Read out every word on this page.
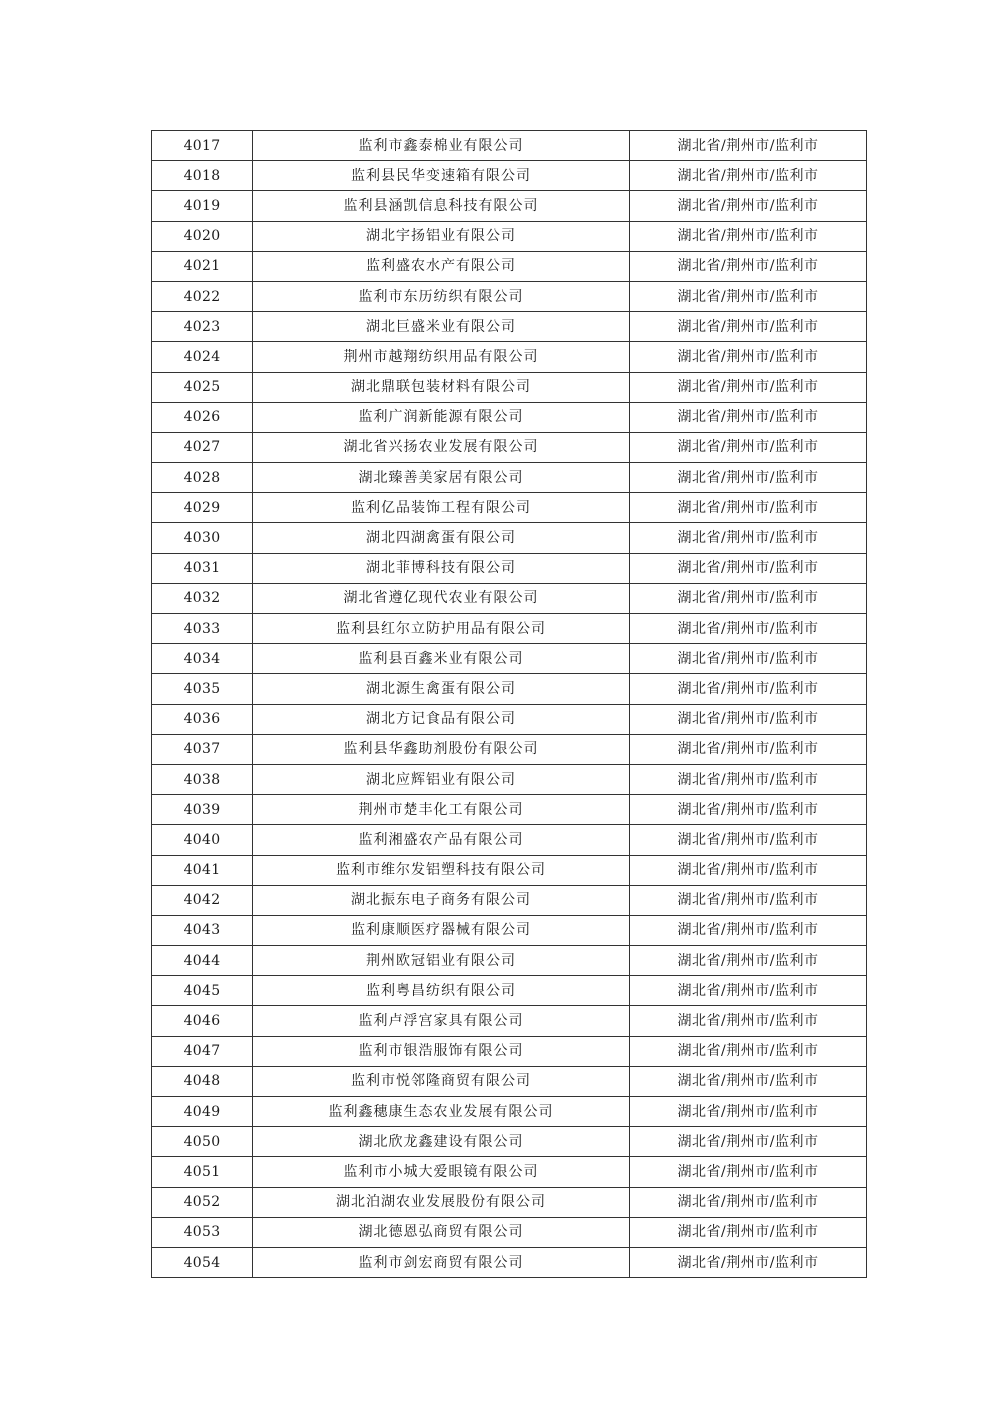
4017	监利市鑫泰棉业有限公司	湖北省/荆州市/监利市
4018	监利县民华变速箱有限公司	湖北省/荆州市/监利市
4019	监利县涵凯信息科技有限公司	湖北省/荆州市/监利市
4020	湖北宇扬铝业有限公司	湖北省/荆州市/监利市
4021	监利盛农水产有限公司	湖北省/荆州市/监利市
4022	监利市东历纺织有限公司	湖北省/荆州市/监利市
4023	湖北巨盛米业有限公司	湖北省/荆州市/监利市
4024	荆州市越翔纺织用品有限公司	湖北省/荆州市/监利市
4025	湖北鼎联包装材料有限公司	湖北省/荆州市/监利市
4026	监利广润新能源有限公司	湖北省/荆州市/监利市
4027	湖北省兴扬农业发展有限公司	湖北省/荆州市/监利市
4028	湖北臻善美家居有限公司	湖北省/荆州市/监利市
4029	监利亿品装饰工程有限公司	湖北省/荆州市/监利市
4030	湖北四湖禽蛋有限公司	湖北省/荆州市/监利市
4031	湖北菲博科技有限公司	湖北省/荆州市/监利市
4032	湖北省遵亿现代农业有限公司	湖北省/荆州市/监利市
4033	监利县红尔立防护用品有限公司	湖北省/荆州市/监利市
4034	监利县百鑫米业有限公司	湖北省/荆州市/监利市
4035	湖北源生禽蛋有限公司	湖北省/荆州市/监利市
4036	湖北方记食品有限公司	湖北省/荆州市/监利市
4037	监利县华鑫助剂股份有限公司	湖北省/荆州市/监利市
4038	湖北应辉铝业有限公司	湖北省/荆州市/监利市
4039	荆州市楚丰化工有限公司	湖北省/荆州市/监利市
4040	监利湘盛农产品有限公司	湖北省/荆州市/监利市
4041	监利市维尔发铝塑科技有限公司	湖北省/荆州市/监利市
4042	湖北振东电子商务有限公司	湖北省/荆州市/监利市
4043	监利康顺医疗器械有限公司	湖北省/荆州市/监利市
4044	荆州欧冠铝业有限公司	湖北省/荆州市/监利市
4045	监利粤昌纺织有限公司	湖北省/荆州市/监利市
4046	监利卢浮宫家具有限公司	湖北省/荆州市/监利市
4047	监利市银浩服饰有限公司	湖北省/荆州市/监利市
4048	监利市悦邻隆商贸有限公司	湖北省/荆州市/监利市
4049	监利鑫穗康生态农业发展有限公司	湖北省/荆州市/监利市
4050	湖北欣龙鑫建设有限公司	湖北省/荆州市/监利市
4051	监利市小城大爱眼镜有限公司	湖北省/荆州市/监利市
4052	湖北泊湖农业发展股份有限公司	湖北省/荆州市/监利市
4053	湖北德恩弘商贸有限公司	湖北省/荆州市/监利市
4054	监利市剑宏商贸有限公司	湖北省/荆州市/监利市
